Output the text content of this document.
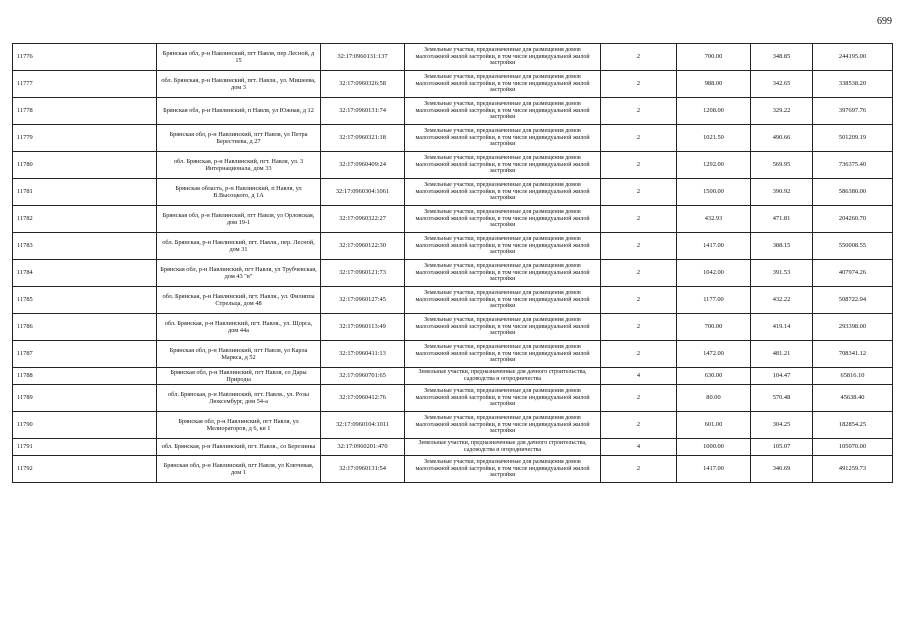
699
11776	Брянская обл, р-н Навлинский, пгт Навля, пер Лесной, д 15	32:17:0960131:137	Земельные участки, предназначенные для размещения домов малоэтажной жилой застройки, в том числе индивидуальной жилой застройки	2	700.00	348.85	244195.00
11777	обл. Брянская, р-н Навлинский, пгт. Навля., ул. Мишеева, дом 3	32:17:0960326:58	Земельные участки, предназначенные для размещения домов малоэтажной жилой застройки, в том числе индивидуальной жилой застройки	2	988.00	342.65	338538.20
11778	Брянская обл, р-н Навлинский, п Навля, ул Южная, д 12	32:17:0960131:74	Земельные участки, предназначенные для размещения домов малоэтажной жилой застройки, в том числе индивидуальной жилой застройки	2	1208.00	329.22	397697.76
11779	Брянская обл, р-н Навлинский, пгт Навля, ул Петра Берестнева, д 27	32:17:0960321:18	Земельные участки, предназначенные для размещения домов малоэтажной жилой застройки, в том числе индивидуальной жилой застройки	2	1021.50	490.66	501209.19
11780	обл. Брянская, р-н Навлинский, пгт. Навля, ул. 3 Интернационала, дом 33	32:17:0960409:24	Земельные участки, предназначенные для размещения домов малоэтажной жилой застройки, в том числе индивидуальной жилой застройки	2	1292.00	569.95	736375.40
11781	Брянская область, р-н Навлинский, п Навля, ул В.Высоцкого, д 1А	32:17:0960304:1061	Земельные участки, предназначенные для размещения домов малоэтажной жилой застройки, в том числе индивидуальной жилой застройки	2	1500.00	390.92	586380.00
11782	Брянская обл, р-н Навлинский, пгт Навля, ул Орловская, дом 19-1	32:17:0960322:27	Земельные участки, предназначенные для размещения домов малоэтажной жилой застройки, в том числе индивидуальной жилой застройки	2	432.93	471.81	204260.70
11783	обл. Брянская, р-н Навлинский, пгт. Навля., пер. Лесной, дом 31	32:17:0960122:30	Земельные участки, предназначенные для размещения домов малоэтажной жилой застройки, в том числе индивидуальной жилой застройки	2	1417.00	388.15	550008.55
11784	Брянская обл, р-н Навлинский, пгт Навля, ул Трубчевская, дом 43 "в"	32:17:0960121:73	Земельные участки, предназначенные для размещения домов малоэтажной жилой застройки, в том числе индивидуальной жилой застройки	2	1042.00	391.53	407974.26
11785	обл. Брянская, р-н Навлинский, пгт. Навля., ул. Филиппа Стрельца, дом 48	32:17:0960127:45	Земельные участки, предназначенные для размещения домов малоэтажной жилой застройки, в том числе индивидуальной жилой застройки	2	1177.00	432.22	508722.94
11786	обл. Брянская, р-н Навлинский, пгт. Навля., ул. Щорса, дом 44а	32:17:0960113:49	Земельные участки, предназначенные для размещения домов малоэтажной жилой застройки, в том числе индивидуальной жилой застройки	2	700.00	419.14	293398.00
11787	Брянская обл, р-н Навлинский, пгт Навля, ул Карла Маркса, д 52	32:17:0960411:13	Земельные участки, предназначенные для размещения домов малоэтажной жилой застройки, в том числе индивидуальной жилой застройки	2	1472.00	481.21	708341.12
11788	Брянская обл, р-н Навлинский, пгт Навля, со Дары Природы	32:17:0960701:65	Земельные участки, предназначенные для дачного строительства, садоводства и огородничества	4	630.00	104.47	65816.10
11789	обл. Брянская, р-н Навлинский, пгт. Навля., ул. Розы Люксембург, дом 54-а	32:17:0960412:76	Земельные участки, предназначенные для размещения домов малоэтажной жилой застройки, в том числе индивидуальной жилой застройки	2	80.00	570.48	45638.40
11790	Брянская обл, р-н Навлинский, пгт Навля, ул Мелиораторов, д 6, кв 1	32:17:0960104:1011	Земельные участки, предназначенные для размещения домов малоэтажной жилой застройки, в том числе индивидуальной жилой застройки	2	601.00	304.25	182854.25
11791	обл. Брянская, р-н Навлинский, пгт. Навля., со Березинка	32:17:0960201:470	Земельные участки, предназначенные для дачного строительства, садоводства и огородничества	4	1000.00	105.07	105070.00
11792	Брянская обл, р-н Навлинский, пгт Навля, ул Ключевая, дом 1	32:17:0960131:54	Земельные участки, предназначенные для размещения домов малоэтажной жилой застройки, в том числе индивидуальной жилой застройки	2	1417.00	346.69	491259.73
